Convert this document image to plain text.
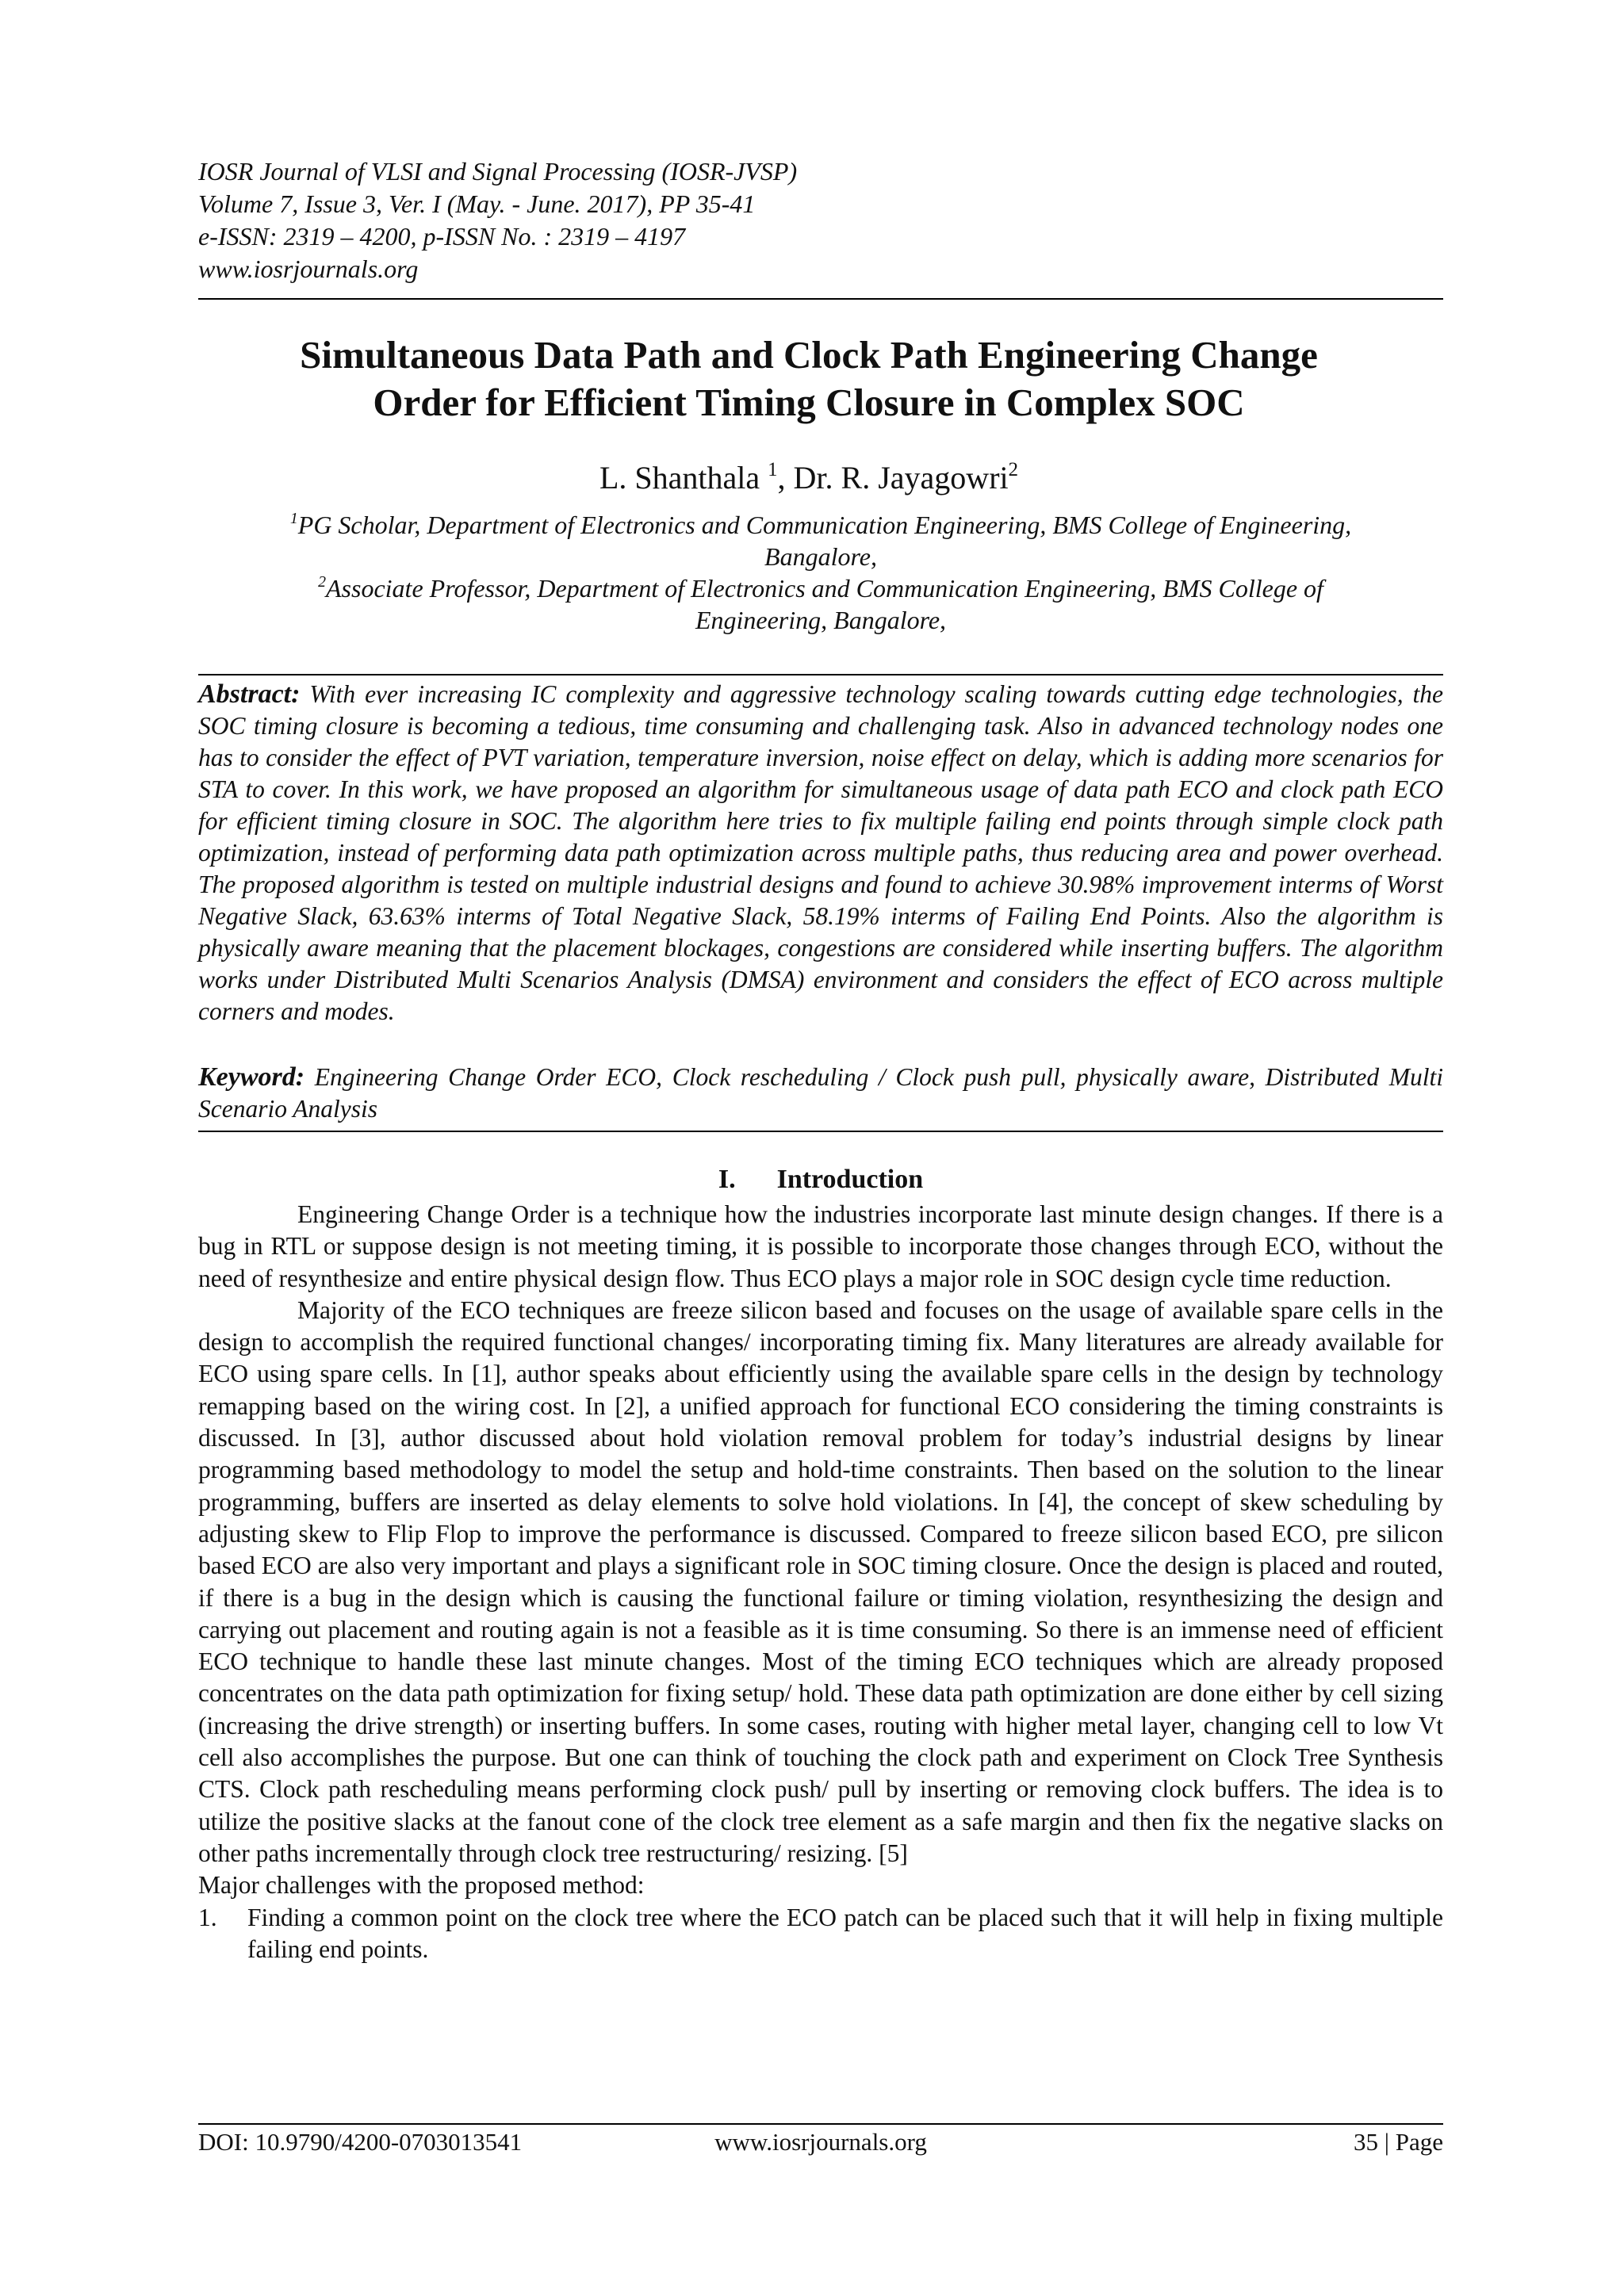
IOSR Journal of VLSI and Signal Processing (IOSR-JVSP)
Volume 7, Issue 3, Ver. I (May. - June. 2017), PP 35-41
e-ISSN: 2319 – 4200, p-ISSN No. : 2319 – 4197
www.iosrjournals.org
Simultaneous Data Path and Clock Path Engineering Change
Order for Efficient Timing Closure in Complex SOC
L. Shanthala $^1$, Dr. R. Jayagowri$^2$
$^1$PG Scholar, Department of Electronics and Communication Engineering, BMS College of Engineering,
Bangalore,
$^2$Associate Professor, Department of Electronics and Communication Engineering, BMS College of
Engineering, Bangalore,
Abstract: With ever increasing IC complexity and aggressive technology scaling towards cutting edge technologies, the SOC timing closure is becoming a tedious, time consuming and challenging task. Also in advanced technology nodes one has to consider the effect of PVT variation, temperature inversion, noise effect on delay, which is adding more scenarios for STA to cover. In this work, we have proposed an algorithm for simultaneous usage of data path ECO and clock path ECO for efficient timing closure in SOC. The algorithm here tries to fix multiple failing end points through simple clock path optimization, instead of performing data path optimization across multiple paths, thus reducing area and power overhead. The proposed algorithm is tested on multiple industrial designs and found to achieve 30.98% improvement interms of Worst Negative Slack, 63.63% interms of Total Negative Slack, 58.19% interms of Failing End Points. Also the algorithm is physically aware meaning that the placement blockages, congestions are considered while inserting buffers. The algorithm works under Distributed Multi Scenarios Analysis (DMSA) environment and considers the effect of ECO across multiple corners and modes.
Keyword: Engineering Change Order ECO, Clock rescheduling / Clock push pull, physically aware, Distributed Multi Scenario Analysis
I. Introduction

Engineering Change Order is a technique how the industries incorporate last minute design changes. If there is a bug in RTL or suppose design is not meeting timing, it is possible to incorporate those changes through ECO, without the need of resynthesize and entire physical design flow. Thus ECO plays a major role in SOC design cycle time reduction.

Majority of the ECO techniques are freeze silicon based and focuses on the usage of available spare cells in the design to accomplish the required functional changes/ incorporating timing fix. Many literatures are already available for ECO using spare cells. In [1], author speaks about efficiently using the available spare cells in the design by technology remapping based on the wiring cost. In [2], a unified approach for functional ECO considering the timing constraints is discussed. In [3], author discussed about hold violation removal problem for today’s industrial designs by linear programming based methodology to model the setup and hold-time constraints. Then based on the solution to the linear programming, buffers are inserted as delay elements to solve hold violations. In [4], the concept of skew scheduling by adjusting skew to Flip Flop to improve the performance is discussed. Compared to freeze silicon based ECO, pre silicon based ECO are also very important and plays a significant role in SOC timing closure. Once the design is placed and routed, if there is a bug in the design which is causing the functional failure or timing violation, resynthesizing the design and carrying out placement and routing again is not a feasible as it is time consuming. So there is an immense need of efficient ECO technique to handle these last minute changes. Most of the timing ECO techniques which are already proposed concentrates on the data path optimization for fixing setup/ hold. These data path optimization are done either by cell sizing (increasing the drive strength) or inserting buffers. In some cases, routing with higher metal layer, changing cell to low Vt cell also accomplishes the purpose. But one can think of touching the clock path and experiment on Clock Tree Synthesis CTS. Clock path rescheduling means performing clock push/ pull by inserting or removing clock buffers. The idea is to utilize the positive slacks at the fanout cone of the clock tree element as a safe margin and then fix the negative slacks on other paths incrementally through clock tree restructuring/ resizing. [5]

Major challenges with the proposed method:

1.	Finding a common point on the clock tree where the ECO patch can be placed such that it will help in fixing multiple failing end points.
DOI: 10.9790/4200-0703013541	www.iosrjournals.org	35 | Page
